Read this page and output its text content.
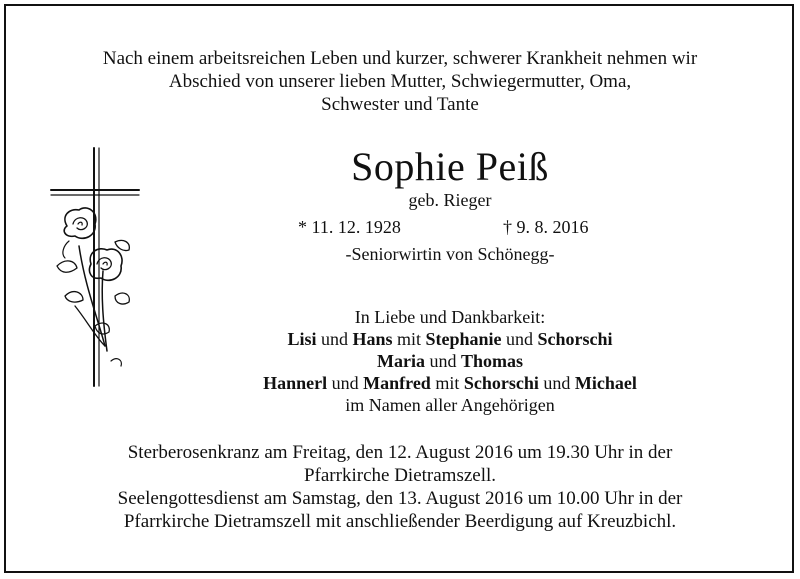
Nach einem arbeitsreichen Leben und kurzer, schwerer Krankheit nehmen wir
Abschied von unserer lieben Mutter, Schwiegermutter, Oma,
Schwester und Tante
Sophie Peiß
geb. Rieger
* 11. 12. 1928	† 9. 8. 2016
-Seniorwirtin von Schönegg-
In Liebe und Dankbarkeit:
Lisi und Hans mit Stephanie und Schorschi
Maria und Thomas
Hannerl und Manfred mit Schorschi und Michael
im Namen aller Angehörigen
Sterberosenkranz am Freitag, den 12. August 2016 um 19.30 Uhr in der
Pfarrkirche Dietramszell.
Seelengottesdienst am Samstag, den 13. August 2016 um 10.00 Uhr in der
Pfarrkirche Dietramszell mit anschließender Beerdigung auf Kreuzbichl.
